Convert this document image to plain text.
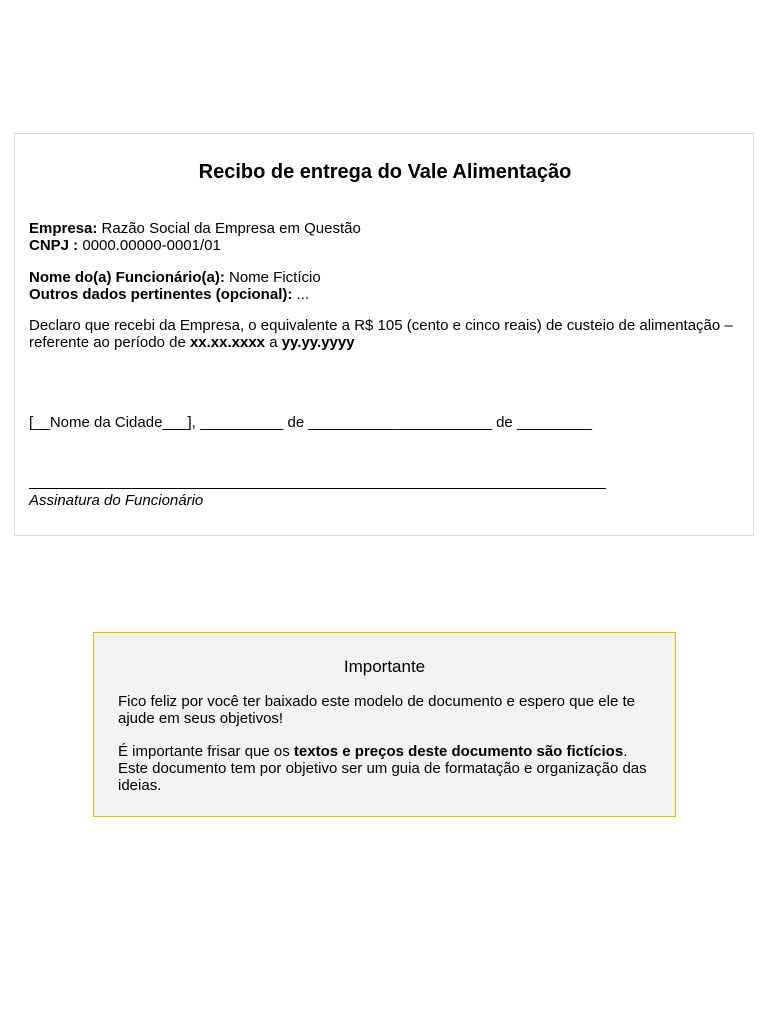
Recibo de entrega do Vale Alimentação
Empresa: Razão Social da Empresa em Questão
CNPJ : 0000.00000-0001/01
Nome do(a) Funcionário(a): Nome Fictício
Outros dados pertinentes (opcional): ...
Declaro que recebi da Empresa, o equivalente a R$ 105 (cento e cinco reais) de custeio de alimentação – referente ao período de xx.xx.xxxx a yy.yy.yyyy
[__Nome da Cidade___], __________ de ______________________ de _________
Assinatura do Funcionário
Importante
Fico feliz por você ter baixado este modelo de documento e espero que ele te ajude em seus objetivos!
É importante frisar que os textos e preços deste documento são fictícios. Este documento tem por objetivo ser um guia de formatação e organização das ideias.
